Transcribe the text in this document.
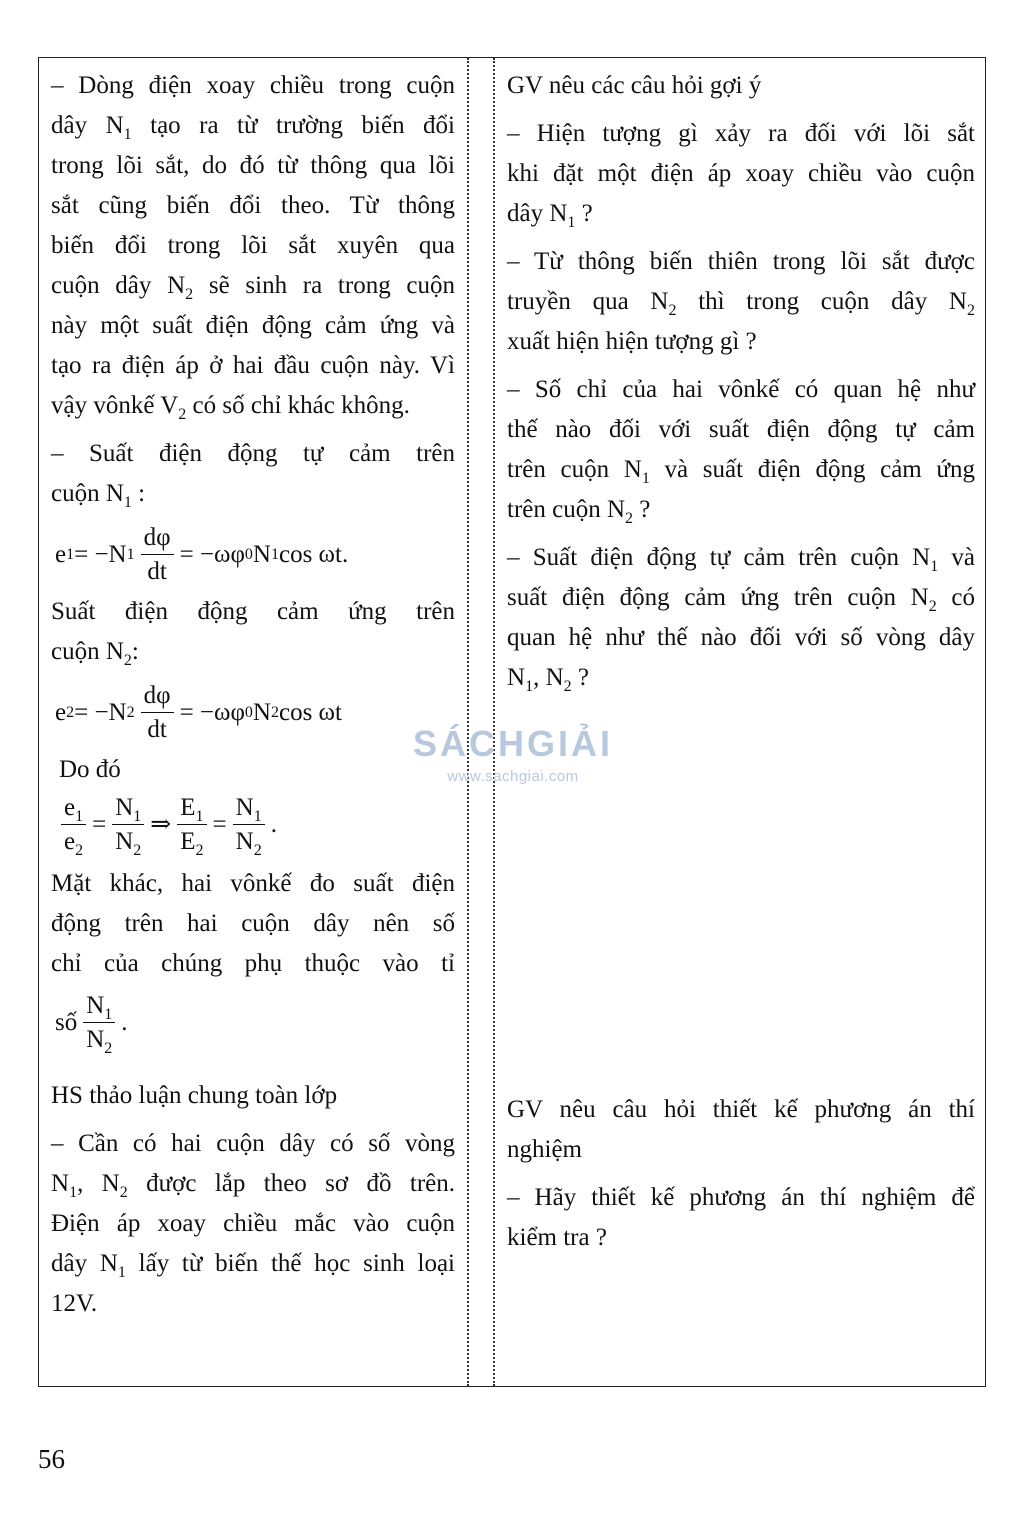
– Dòng điện xoay chiều trong cuộn

dây $N_1$ tạo ra từ trường biến đổi

trong lõi sắt, do đó từ thông qua lõi

sắt cũng biến đổi theo. Từ thông

biến đổi trong lõi sắt xuyên qua

cuộn dây $N_2$ sẽ sinh ra trong cuộn

này một suất điện động cảm ứng và

tạo ra điện áp ở hai đầu cuộn này. Vì

vậy vônkế $V_2$ có số chỉ khác không.

– Suất điện động tự cảm trên

cuộn $N_1$ :

e 1 = −N $1 \frac{d\varphi}{dt} = -\omega\varphi$ 0 N 1 cos ωt.

Suất điện động cảm ứng trên

cuộn $N_2$:

e 2 = −N $2 \frac{d\varphi}{dt} = -\omega\varphi$ 0 N 2 cos ωt

Do đó

$\frac{e_1}{e_2} = \frac{N_1}{N_2}$ ⇒ $\frac{E_1}{E_2} = \frac{N_1}{N_2}$ .

Mặt khác, hai vônkế đo suất điện

động trên hai cuộn dây nên số

chỉ của chúng phụ thuộc vào tỉ

số $\frac{N_1}{N_2}$ .

HS thảo luận chung toàn lớp

– Cần có hai cuộn dây có số vòng

$N_1$, $N_2$ được lắp theo sơ đồ trên.

Điện áp xoay chiều mắc vào cuộn

dây $N_1$ lấy từ biến thế học sinh loại

12V.

GV nêu các câu hỏi gợi ý

– Hiện tượng gì xảy ra đối với lõi sắt

khi đặt một điện áp xoay chiều vào cuộn

dây $N_1$ ?

– Từ thông biến thiên trong lõi sắt được

truyền qua $N_2$ thì trong cuộn dây $N_2$

xuất hiện hiện tượng gì ?

– Số chỉ của hai vônkế có quan hệ như

thế nào đối với suất điện động tự cảm

trên cuộn $N_1$ và suất điện động cảm ứng

trên cuộn $N_2$ ?

– Suất điện động tự cảm trên cuộn $N_1$ và

suất điện động cảm ứng trên cuộn $N_2$ có

quan hệ như thế nào đối với số vòng dây

$N_1$, $N_2$ ?

GV nêu câu hỏi thiết kế phương án thí

nghiệm

– Hãy thiết kế phương án thí nghiệm để

kiểm tra ?

SÁCHGIẢI
www.sachgiai.com
56
